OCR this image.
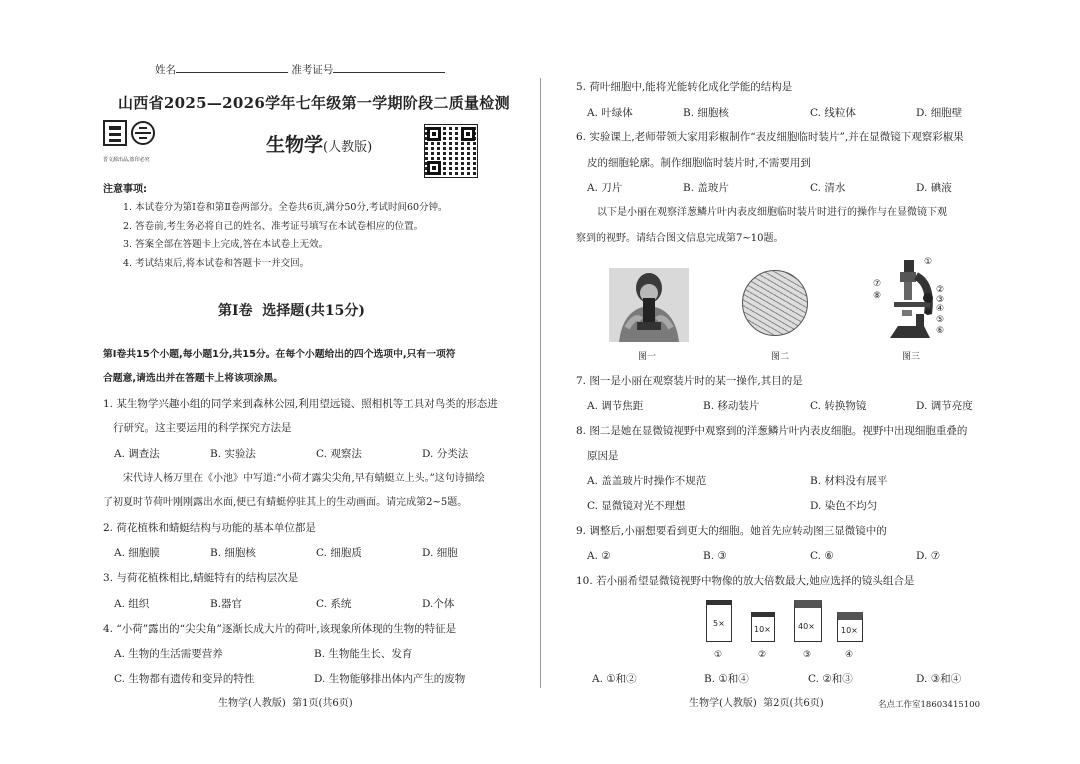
姓名	准考证号
山西省2025—2026学年七年级第一学期阶段二质量检测
晋文源出品,盗印必究
生物学(人教版)
注意事项:
1. 本试卷分为第Ⅰ卷和第Ⅱ卷两部分。全卷共6页,满分50分,考试时间60分钟。
2. 答卷前,考生务必将自己的姓名、准考证号填写在本试卷相应的位置。
3. 答案全部在答题卡上完成,答在本试卷上无效。
4. 考试结束后,将本试卷和答题卡一并交回。
第Ⅰ卷  选择题(共15分)
第Ⅰ卷共15个小题,每小题1分,共15分。在每个小题给出的四个选项中,只有一项符
合题意,请选出并在答题卡上将该项涂黑。
1. 某生物学兴趣小组的同学来到森林公园,利用望远镜、照相机等工具对鸟类的形态进
行研究。这主要运用的科学探究方法是
A. 调查法	B. 实验法	C. 观察法	D. 分类法
宋代诗人杨万里在《小池》中写道:“小荷才露尖尖角,早有蜻蜓立上头。”这句诗描绘
了初夏时节荷叶刚刚露出水面,便已有蜻蜓停驻其上的生动画面。请完成第2~5题。
2. 荷花植株和蜻蜓结构与功能的基本单位都是
A. 细胞膜	B. 细胞核	C. 细胞质	D. 细胞
3. 与荷花植株相比,蜻蜓特有的结构层次是
A. 组织	B.器官	C. 系统	D.个体
4. “小荷”露出的“尖尖角”逐渐长成大片的荷叶,该现象所体现的生物的特征是
A. 生物的生活需要营养	B. 生物能生长、发育
C. 生物都有遗传和变异的特性	D. 生物能够排出体内产生的废物
生物学(人教版)  第1页(共6页)
5. 荷叶细胞中,能将光能转化成化学能的结构是
A. 叶绿体	B. 细胞核	C. 线粒体	D. 细胞壁
6. 实验课上,老师带领大家用彩椒制作“表皮细胞临时装片”,并在显微镜下观察彩椒果
皮的细胞轮廓。制作细胞临时装片时,不需要用到
A. 刀片	B. 盖玻片	C. 清水	D. 碘液
以下是小丽在观察洋葱鳞片叶内表皮细胞临时装片时进行的操作与在显微镜下观
察到的视野。请结合图文信息完成第7~10题。
①
⑦
⑧
②
③
④
⑤
⑥
图一	图二	图三
7. 图一是小丽在观察装片时的某一操作,其目的是
A. 调节焦距	B. 移动装片	C. 转换物镜	D. 调节亮度
8. 图二是她在显微镜视野中观察到的洋葱鳞片叶内表皮细胞。视野中出现细胞重叠的
原因是
A. 盖盖玻片时操作不规范	B. 材料没有展平
C. 显微镜对光不理想	D. 染色不均匀
9. 调整后,小丽想要看到更大的细胞。她首先应转动图三显微镜中的
A. ②	B. ③	C. ⑥	D. ⑦
10. 若小丽希望显微镜视野中物像的放大倍数最大,她应选择的镜头组合是
5×
10×	40×	10×
①	②	③	④
A. ①和②	B. ①和④	C. ②和③	D. ③和④
生物学(人教版)  第2页(共6页)	名点工作室18603415100
